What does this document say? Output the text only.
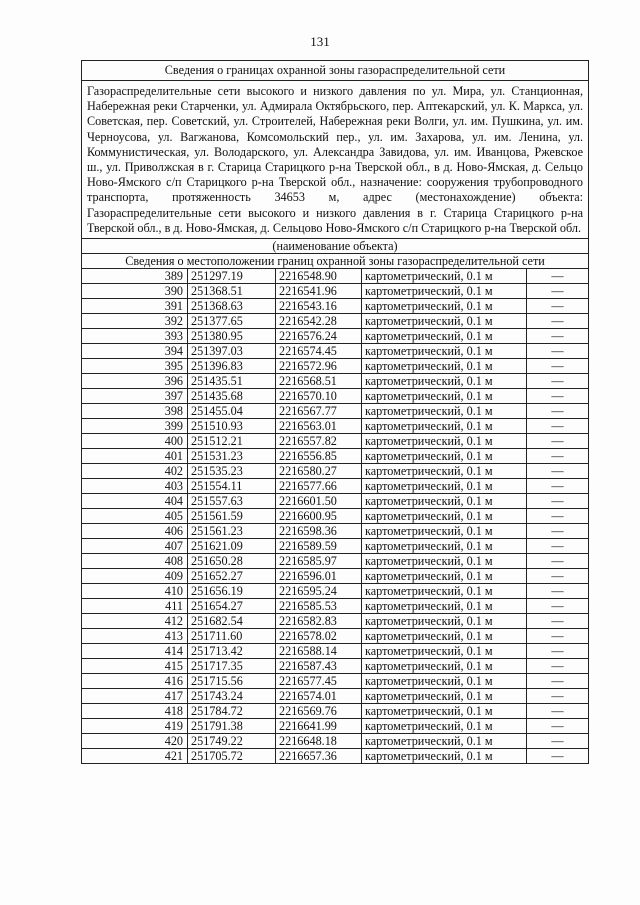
131
Сведения о границах охранной зоны газораспределительной сети				
Газораспределительные сети высокого и низкого давления по ул. Мира, ул. Станционная, Набережная реки Старченки, ул. Адмирала Октябрьского, пер. Аптекарский, ул. К. Маркса, ул. Советская, пер. Советский, ул. Строителей, Набережная реки Волги, ул. им. Пушкина, ул. им. Черноусова, ул. Вагжанова, Комсомольский пер., ул. им. Захарова, ул. им. Ленина, ул. Коммунистическая, ул. Володарского, ул. Александра Завидова, ул. им. Иванцова, Ржевское ш., ул. Приволжская в г. Старица Старицкого р-на Тверской обл., в д. Ново-Ямская, д. Сельцо Ново-Ямского с/п Старицкого р-на Тверской обл., назначение: сооружения трубопроводного транспорта, протяженность 34653 м, адрес (местонахождение) объекта: Газораспределительные сети высокого и низкого давления в г. Старица Старицкого р-на Тверской обл., в д. Ново-Ямская, д. Сельцово Ново-Ямского с/п Старицкого р-на Тверской обл.				
(наименование объекта)				
Сведения о местоположении границ охранной зоны газораспределительной сети				
389	251297.19	2216548.90	картометрический, 0.1 м	—
390	251368.51	2216541.96	картометрический, 0.1 м	—
391	251368.63	2216543.16	картометрический, 0.1 м	—
392	251377.65	2216542.28	картометрический, 0.1 м	—
393	251380.95	2216576.24	картометрический, 0.1 м	—
394	251397.03	2216574.45	картометрический, 0.1 м	—
395	251396.83	2216572.96	картометрический, 0.1 м	—
396	251435.51	2216568.51	картометрический, 0.1 м	—
397	251435.68	2216570.10	картометрический, 0.1 м	—
398	251455.04	2216567.77	картометрический, 0.1 м	—
399	251510.93	2216563.01	картометрический, 0.1 м	—
400	251512.21	2216557.82	картометрический, 0.1 м	—
401	251531.23	2216556.85	картометрический, 0.1 м	—
402	251535.23	2216580.27	картометрический, 0.1 м	—
403	251554.11	2216577.66	картометрический, 0.1 м	—
404	251557.63	2216601.50	картометрический, 0.1 м	—
405	251561.59	2216600.95	картометрический, 0.1 м	—
406	251561.23	2216598.36	картометрический, 0.1 м	—
407	251621.09	2216589.59	картометрический, 0.1 м	—
408	251650.28	2216585.97	картометрический, 0.1 м	—
409	251652.27	2216596.01	картометрический, 0.1 м	—
410	251656.19	2216595.24	картометрический, 0.1 м	—
411	251654.27	2216585.53	картометрический, 0.1 м	—
412	251682.54	2216582.83	картометрический, 0.1 м	—
413	251711.60	2216578.02	картометрический, 0.1 м	—
414	251713.42	2216588.14	картометрический, 0.1 м	—
415	251717.35	2216587.43	картометрический, 0.1 м	—
416	251715.56	2216577.45	картометрический, 0.1 м	—
417	251743.24	2216574.01	картометрический, 0.1 м	—
418	251784.72	2216569.76	картометрический, 0.1 м	—
419	251791.38	2216641.99	картометрический, 0.1 м	—
420	251749.22	2216648.18	картометрический, 0.1 м	—
421	251705.72	2216657.36	картометрический, 0.1 м	—
